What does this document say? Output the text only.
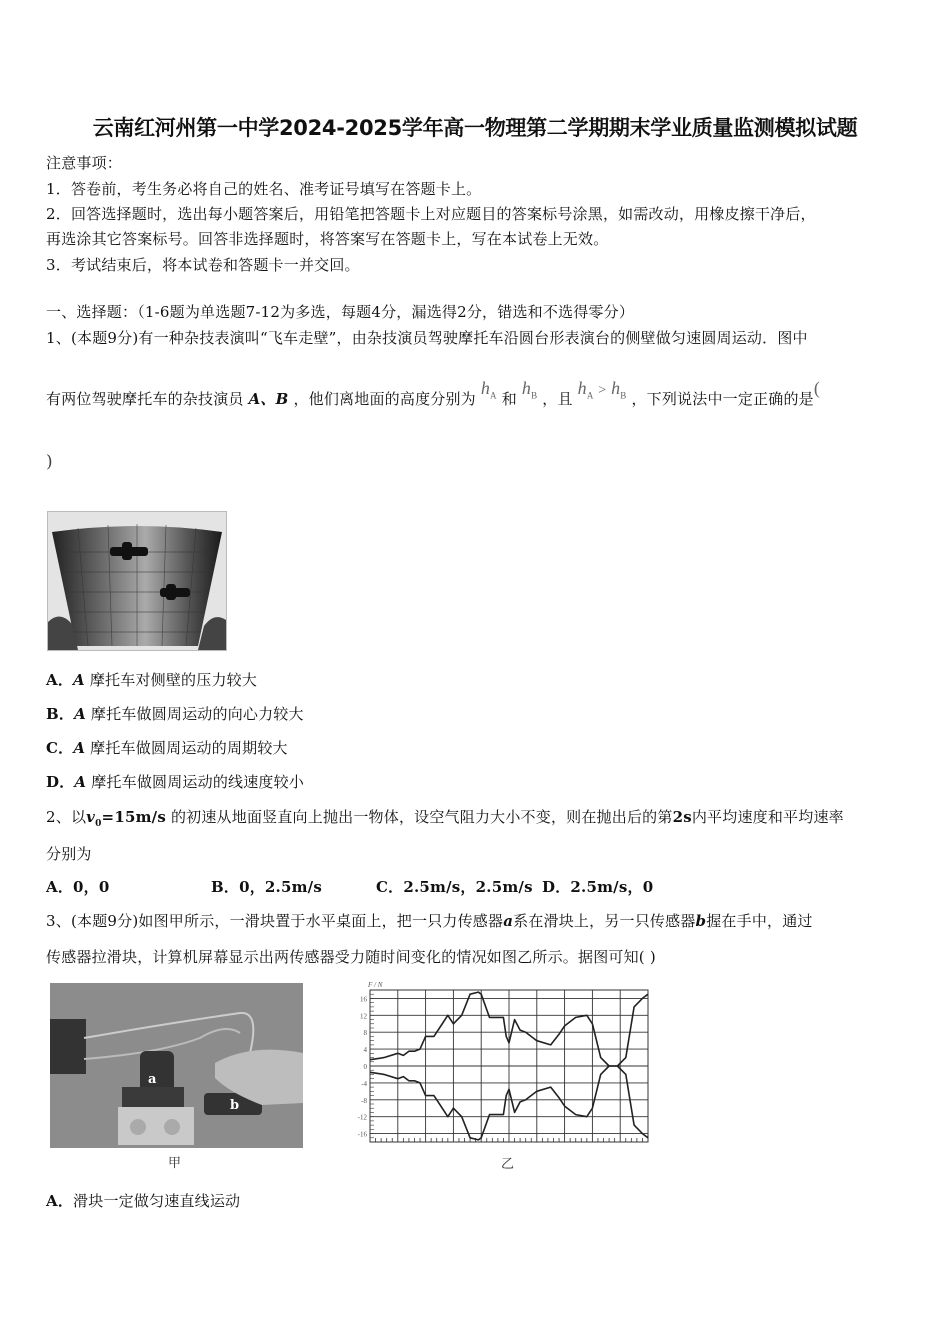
云南红河州第一中学2024-2025学年高一物理第二学期期末学业质量监测模拟试题
注意事项：
1．答卷前，考生务必将自己的姓名、准考证号填写在答题卡上。
2．回答选择题时，选出每小题答案后，用铅笔把答题卡上对应题目的答案标号涂黑，如需改动，用橡皮擦干净后，
再选涂其它答案标号。回答非选择题时，将答案写在答题卡上，写在本试卷上无效。
3．考试结束后，将本试卷和答题卡一并交回。
一、选择题：（1-6题为单选题7-12为多选，每题4分，漏选得2分，错选和不选得零分）
1、(本题9分)有一种杂技表演叫“飞车走壁”，由杂技演员驾驶摩托车沿圆台形表演台的侧壁做匀速圆周运动．图中
有两位驾驶摩托车的杂技演员 A、B ，他们离地面的高度分别为 $h_A$ 和 $h_B$ ，且 $h_A > h_B$ ，下列说法中一定正确的是(
)
A．A 摩托车对侧壁的压力较大
B．A 摩托车做圆周运动的向心力较大
C．A 摩托车做圆周运动的周期较大
D．A 摩托车做圆周运动的线速度较小
2、以$v_0=15m/s$ 的初速从地面竖直向上抛出一物体，设空气阻力大小不变，则在抛出后的第2s内平均速度和平均速率
分别为
A．0，0	B．0，2.5m/s	C．2.5m/s，2.5m/s D．2.5m/s，0
3、(本题9分)如图甲所示，一滑块置于水平桌面上，把一只力传感器a系在滑块上，另一只传感器b握在手中，通过
传感器拉滑块，计算机屏幕显示出两传感器受力随时间变化的情况如图乙所示。据图可知( )
a
b
甲
16
12
8
4
0
-4
-8
-12
-16
F / N
乙
A．滑块一定做匀速直线运动
